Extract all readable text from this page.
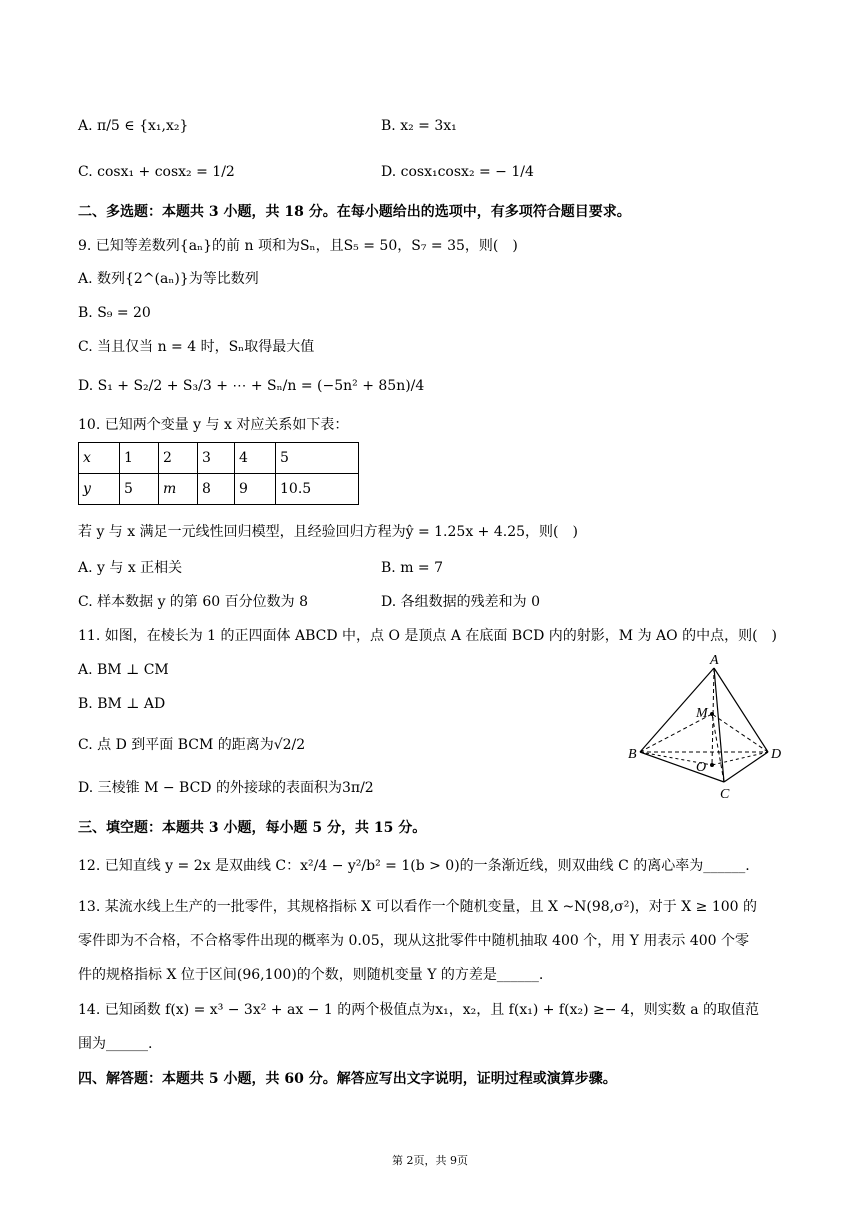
A. π/5 ∈ {x₁,x₂}	B. x₂ = 3x₁
C. cosx₁ + cosx₂ = 1/2	D. cosx₁cosx₂ = − 1/4
二、多选题：本题共 3 小题，共 18 分。在每小题给出的选项中，有多项符合题目要求。
9. 已知等差数列{aₙ}的前 n 项和为Sₙ，且S₅ = 50，S₇ = 35，则(　)
A. 数列{2^(aₙ)}为等比数列
B. S₉ = 20
C. 当且仅当 n = 4 时，Sₙ取得最大值
D. S₁ + S₂/2 + S₃/3 + ⋯ + Sₙ/n = (−5n² + 85n)/4
10. 已知两个变量 y 与 x 对应关系如下表：
x	1	2	3	4	5
y	5	m	8	9	10.5
若 y 与 x 满足一元线性回归模型，且经验回归方程为ŷ = 1.25x + 4.25，则(　)
A. y 与 x 正相关	B. m = 7
C. 样本数据 y 的第 60 百分位数为 8	D. 各组数据的残差和为 0
11. 如图，在棱长为 1 的正四面体 ABCD 中，点 O 是顶点 A 在底面 BCD 内的射影，M 为 AO 的中点，则(　)
A. BM ⊥ CM
B. BM ⊥ AD
C. 点 D 到平面 BCM 的距离为√2/2
D. 三棱锥 M − BCD 的外接球的表面积为3π/2
A
B
C
D
M
O
三、填空题：本题共 3 小题，每小题 5 分，共 15 分。
12. 已知直线 y = 2x 是双曲线 C：x²/4 − y²/b² = 1(b > 0)的一条渐近线，则双曲线 C 的离心率为______.
13. 某流水线上生产的一批零件，其规格指标 X 可以看作一个随机变量，且 X ~N(98,σ²)，对于 X ≥ 100 的
零件即为不合格，不合格零件出现的概率为 0.05，现从这批零件中随机抽取 400 个，用 Y 用表示 400 个零
件的规格指标 X 位于区间(96,100)的个数，则随机变量 Y 的方差是______.
14. 已知函数 f(x) = x³ − 3x² + ax − 1 的两个极值点为x₁，x₂，且 f(x₁) + f(x₂) ≥− 4，则实数 a 的取值范
围为______.
四、解答题：本题共 5 小题，共 60 分。解答应写出文字说明，证明过程或演算步骤。
第 2页，共 9页
